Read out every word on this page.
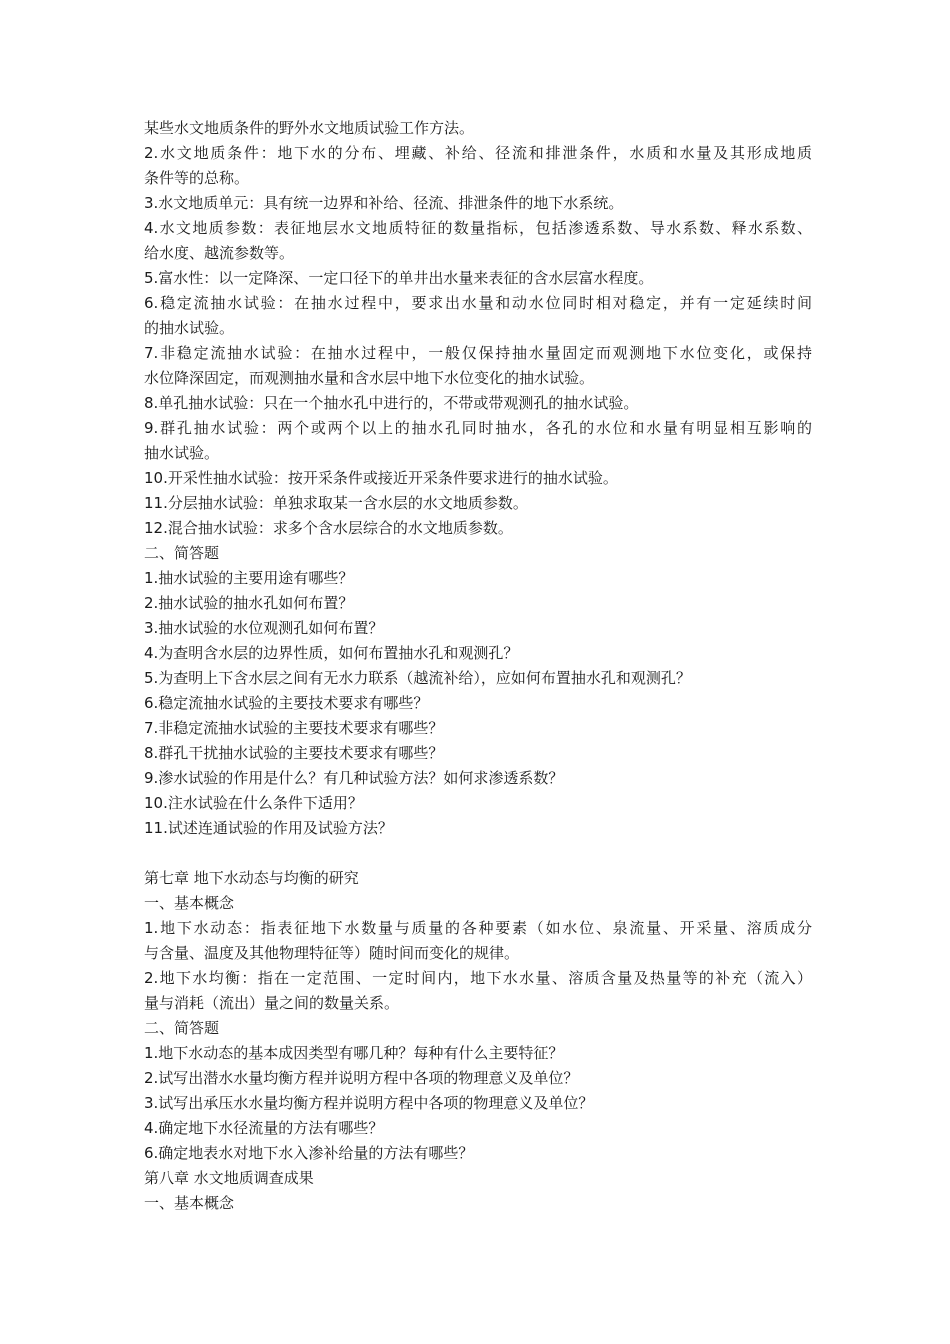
某些水文地质条件的野外水文地质试验工作方法。
2.水文地质条件：地下水的分布、埋藏、补给、径流和排泄条件，水质和水量及其形成地质
条件等的总称。
3.水文地质单元：具有统一边界和补给、径流、排泄条件的地下水系统。
4.水文地质参数：表征地层水文地质特征的数量指标，包括渗透系数、导水系数、释水系数、
给水度、越流参数等。
5.富水性：以一定降深、一定口径下的单井出水量来表征的含水层富水程度。
6.稳定流抽水试验：在抽水过程中，要求出水量和动水位同时相对稳定，并有一定延续时间
的抽水试验。
7.非稳定流抽水试验：在抽水过程中，一般仅保持抽水量固定而观测地下水位变化，或保持
水位降深固定，而观测抽水量和含水层中地下水位变化的抽水试验。
8.单孔抽水试验：只在一个抽水孔中进行的，不带或带观测孔的抽水试验。
9.群孔抽水试验：两个或两个以上的抽水孔同时抽水，各孔的水位和水量有明显相互影响的
抽水试验。
10.开采性抽水试验：按开采条件或接近开采条件要求进行的抽水试验。
11.分层抽水试验：单独求取某一含水层的水文地质参数。
12.混合抽水试验：求多个含水层综合的水文地质参数。
二、简答题
1.抽水试验的主要用途有哪些？
2.抽水试验的抽水孔如何布置？
3.抽水试验的水位观测孔如何布置？
4.为查明含水层的边界性质，如何布置抽水孔和观测孔？
5.为查明上下含水层之间有无水力联系（越流补给），应如何布置抽水孔和观测孔？
6.稳定流抽水试验的主要技术要求有哪些？
7.非稳定流抽水试验的主要技术要求有哪些？
8.群孔干扰抽水试验的主要技术要求有哪些？
9.渗水试验的作用是什么？有几种试验方法？如何求渗透系数？
10.注水试验在什么条件下适用？
11.试述连通试验的作用及试验方法？
第七章 地下水动态与均衡的研究
一、基本概念
1.地下水动态：指表征地下水数量与质量的各种要素（如水位、泉流量、开采量、溶质成分
与含量、温度及其他物理特征等）随时间而变化的规律。
2.地下水均衡：指在一定范围、一定时间内，地下水水量、溶质含量及热量等的补充（流入）
量与消耗（流出）量之间的数量关系。
二、简答题
1.地下水动态的基本成因类型有哪几种？每种有什么主要特征？
2.试写出潜水水量均衡方程并说明方程中各项的物理意义及单位？
3.试写出承压水水量均衡方程并说明方程中各项的物理意义及单位？
4.确定地下水径流量的方法有哪些？
6.确定地表水对地下水入渗补给量的方法有哪些？
第八章 水文地质调查成果
一、基本概念
